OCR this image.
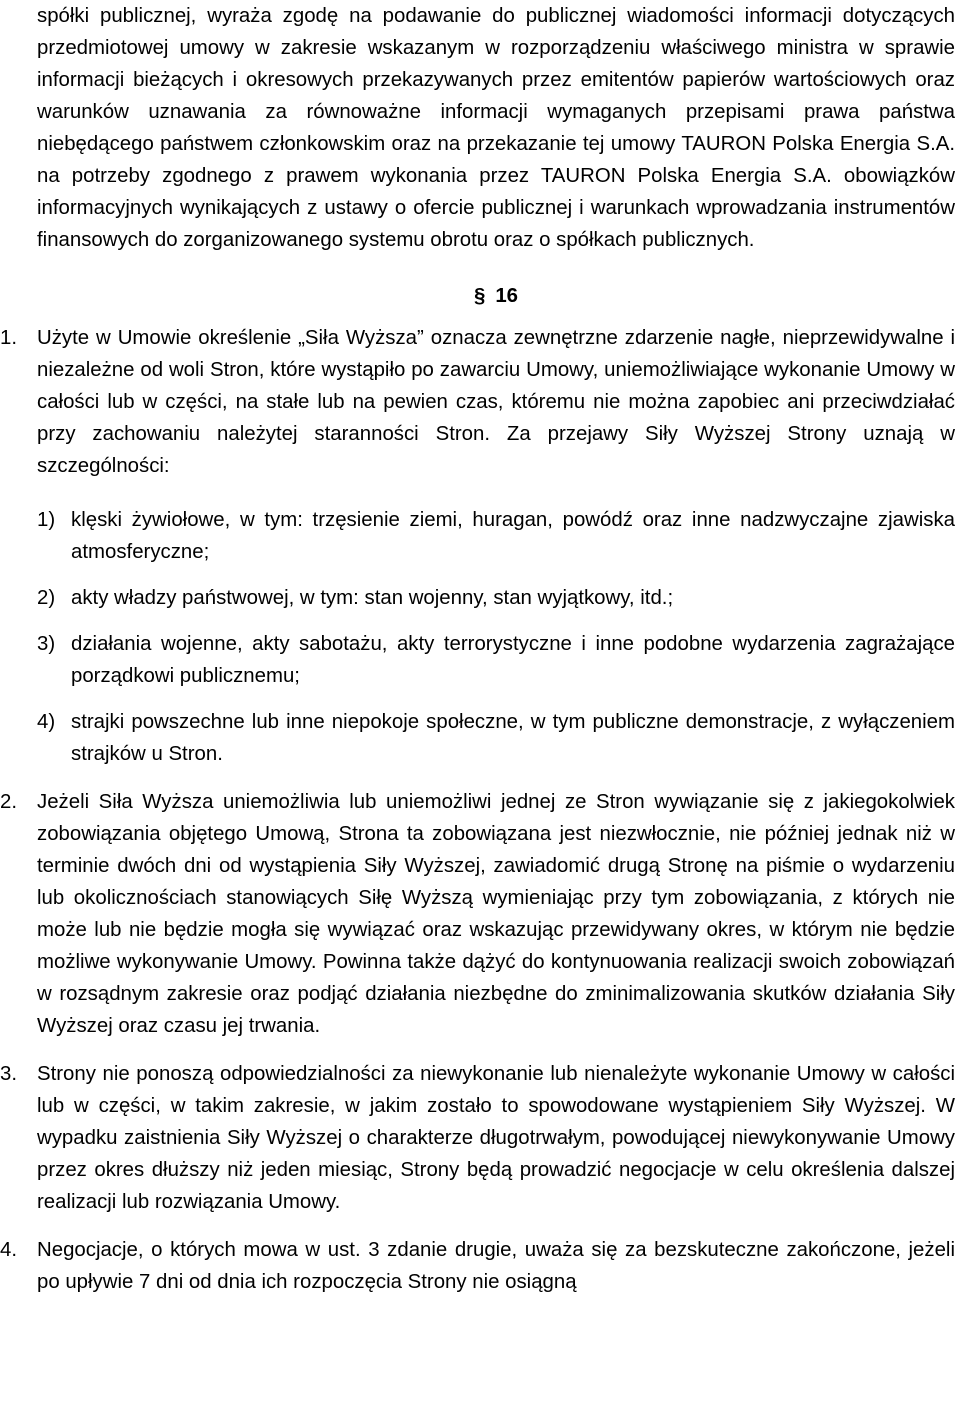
spółki publicznej, wyraża zgodę na podawanie do publicznej wiadomości informacji dotyczących przedmiotowej umowy w zakresie wskazanym w rozporządzeniu właściwego ministra w sprawie informacji bieżących i okresowych przekazywanych przez emitentów papierów wartościowych oraz warunków uznawania za równoważne informacji wymaganych przepisami prawa państwa niebędącego państwem członkowskim oraz na przekazanie tej umowy TAURON Polska Energia S.A. na potrzeby zgodnego z prawem wykonania przez TAURON Polska Energia S.A. obowiązków informacyjnych wynikających z ustawy o ofercie publicznej i warunkach wprowadzania instrumentów finansowych do zorganizowanego systemu obrotu oraz o spółkach publicznych.

§ 16
1. Użyte w Umowie określenie „Siła Wyższa” oznacza zewnętrzne zdarzenie nagłe, nieprzewidywalne i niezależne od woli Stron, które wystąpiło po zawarciu Umowy, uniemożliwiające wykonanie Umowy w całości lub w części, na stałe lub na pewien czas, któremu nie można zapobiec ani przeciwdziałać przy zachowaniu należytej staranności Stron. Za przejawy Siły Wyższej Strony uznają w szczególności:

1) klęski żywiołowe, w tym: trzęsienie ziemi, huragan, powódź oraz inne nadzwyczajne zjawiska atmosferyczne;
2) akty władzy państwowej, w tym: stan wojenny, stan wyjątkowy, itd.;
3) działania wojenne, akty sabotażu, akty terrorystyczne i inne podobne wydarzenia zagrażające porządkowi publicznemu;
4) strajki powszechne lub inne niepokoje społeczne, w tym publiczne demonstracje, z wyłączeniem strajków u Stron.
2. Jeżeli Siła Wyższa uniemożliwia lub uniemożliwi jednej ze Stron wywiązanie się z jakiegokolwiek zobowiązania objętego Umową, Strona ta zobowiązana jest niezwłocznie, nie później jednak niż w terminie dwóch dni od wystąpienia Siły Wyższej, zawiadomić drugą Stronę na piśmie o wydarzeniu lub okolicznościach stanowiących Siłę Wyższą wymieniając przy tym zobowiązania, z których nie może lub nie będzie mogła się wywiązać oraz wskazując przewidywany okres, w którym nie będzie możliwe wykonywanie Umowy. Powinna także dążyć do kontynuowania realizacji swoich zobowiązań w rozsądnym zakresie oraz podjąć działania niezbędne do zminimalizowania skutków działania Siły Wyższej oraz czasu jej trwania.

3. Strony nie ponoszą odpowiedzialności za niewykonanie lub nienależyte wykonanie Umowy w całości lub w części, w takim zakresie, w jakim zostało to spowodowane wystąpieniem Siły Wyższej. W wypadku zaistnienia Siły Wyższej o charakterze długotrwałym, powodującej niewykonywanie Umowy przez okres dłuższy niż jeden miesiąc, Strony będą prowadzić negocjacje w celu określenia dalszej realizacji lub rozwiązania Umowy.

4. Negocjacje, o których mowa w ust. 3 zdanie drugie, uważa się za bezskuteczne zakończone, jeżeli po upływie 7 dni od dnia ich rozpoczęcia Strony nie osiągną
